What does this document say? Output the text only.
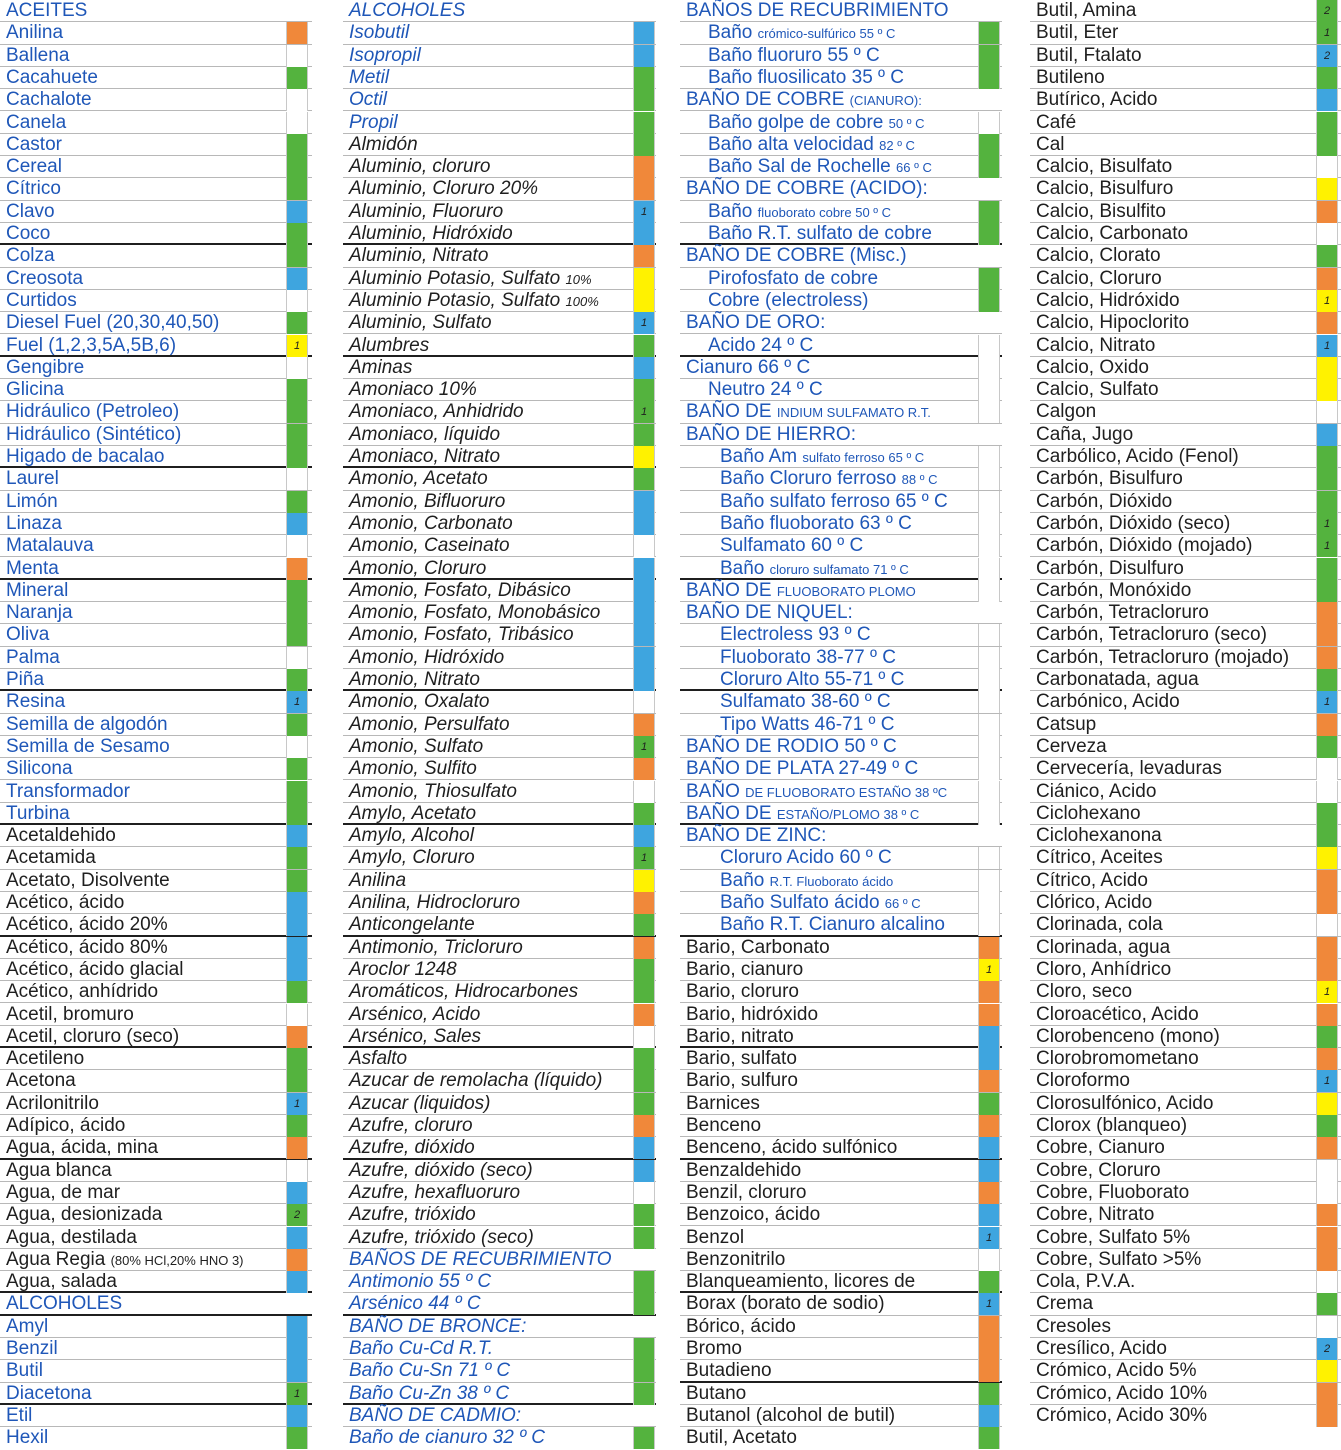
ACEITES
Anilina
Ballena
Cacahuete
Cachalote
Canela
Castor
Cereal
Cítrico
Clavo
Coco
Colza
Creosota
Curtidos
Diesel Fuel (20,30,40,50)
Fuel (1,2,3,5A,5B,6)	1
Gengibre
Glicina
Hidráulico (Petroleo)
Hidráulico (Sintético)
Higado de bacalao
Laurel
Limón
Linaza
Matalauva
Menta
Mineral
Naranja
Oliva
Palma
Piña
Resina	1
Semilla de algodón
Semilla de Sesamo
Silicona
Transformador
Turbina
Acetaldehido
Acetamida
Acetato, Disolvente
Acético, ácido
Acético, ácido 20%
Acético, ácido 80%
Acético, ácido glacial
Acético, anhídrido
Acetil, bromuro
Acetil, cloruro (seco)
Acetileno
Acetona
Acrilonitrilo	1
Adípico, ácido
Agua, ácida, mina
Agua blanca
Agua, de mar
Agua, desionizada	2
Agua, destilada
Agua Regia (80% HCl,20% HNO 3)
Agua, salada
ALCOHOLES
Amyl
Benzil
Butil
Diacetona	1
Etil
Hexil
ALCOHOLES
Isobutil
Isopropil
Metil
Octil
Propil
Almidón
Aluminio, cloruro
Aluminio, Cloruro 20%
Aluminio, Fluoruro	1
Aluminio, Hidróxido
Aluminio, Nitrato
Aluminio Potasio, Sulfato 10%
Aluminio Potasio, Sulfato 100%
Aluminio, Sulfato	1
Alumbres
Aminas
Amoniaco 10%
Amoniaco, Anhidrido	1
Amoniaco, líquido
Amoniaco, Nitrato
Amonio, Acetato
Amonio, Bifluoruro
Amonio, Carbonato
Amonio, Caseinato
Amonio, Cloruro
Amonio, Fosfato, Dibásico
Amonio, Fosfato, Monobásico
Amonio, Fosfato, Tribásico
Amonio, Hidróxido
Amonio, Nitrato
Amonio, Oxalato
Amonio, Persulfato
Amonio, Sulfato	1
Amonio, Sulfito
Amonio, Thiosulfato
Amylo, Acetato
Amylo, Alcohol
Amylo, Cloruro	1
Anilina
Anilina, Hidrocloruro
Anticongelante
Antimonio, Tricloruro
Aroclor 1248
Aromáticos, Hidrocarbones
Arsénico, Acido
Arsénico, Sales
Asfalto
Azucar de remolacha (líquido)
Azucar (liquidos)
Azufre, cloruro
Azufre, dióxido
Azufre, dióxido (seco)
Azufre, hexafluoruro
Azufre, trióxido
Azufre, trióxido (seco)
BAÑOS DE RECUBRIMIENTO
Antimonio 55 º C
Arsénico 44 º C
BAÑO DE BRONCE:
Baño Cu-Cd R.T.
Baño Cu-Sn 71 º C
Baño Cu-Zn 38 º C
BAÑO DE CADMIO:
Baño de cianuro 32 º C
BAÑOS DE RECUBRIMIENTO
Baño crómico-sulfúrico 55 º C
Baño fluoruro 55 º C
Baño fluosilicato 35 º C
BAÑO DE COBRE (CIANURO):
Baño golpe de cobre 50 º C
Baño alta velocidad 82 º C
Baño Sal de Rochelle 66 º C
BAÑO DE COBRE (ACIDO):
Baño fluoborato cobre 50 º C
Baño R.T. sulfato de cobre
BAÑO DE COBRE (Misc.)
Pirofosfato de cobre
Cobre (electroless)
BAÑO DE ORO:
Acido 24 º C
Cianuro 66 º C
Neutro 24 º C
BAÑO DE INDIUM SULFAMATO R.T.
BAÑO DE HIERRO:
Baño Am sulfato ferroso 65 º C
Baño Cloruro ferroso 88 º C
Baño sulfato ferroso 65 º C
Baño fluoborato 63 º C
Sulfamato 60 º C
Baño cloruro sulfamato 71 º C
BAÑO DE FLUOBORATO PLOMO
BAÑO DE NIQUEL:
Electroless 93 º C
Fluoborato 38-77 º C
Cloruro Alto 55-71 º C
Sulfamato 38-60 º C
Tipo Watts 46-71 º C
BAÑO DE RODIO 50 º C
BAÑO DE PLATA 27-49 º C
BAÑO DE FLUOBORATO ESTAÑO 38 ºC
BAÑO DE ESTAÑO/PLOMO 38 º C
BAÑO DE ZINC:
Cloruro Acido 60 º C
Baño R.T. Fluoborato ácido
Baño Sulfato ácido 66 º C
Baño R.T. Cianuro alcalino
Bario, Carbonato
Bario, cianuro	1
Bario, cloruro
Bario, hidróxido
Bario, nitrato
Bario, sulfato
Bario, sulfuro
Barnices
Benceno
Benceno, ácido sulfónico
Benzaldehido
Benzil, cloruro
Benzoico, ácido
Benzol	1
Benzonitrilo
Blanqueamiento, licores de
Borax (borato de sodio)	1
Bórico, ácido
Bromo
Butadieno
Butano
Butanol (alcohol de butil)
Butil, Acetato
Butil, Amina	2
Butil, Eter	1
Butil, Ftalato	2
Butileno
Butírico, Acido
Café
Cal
Calcio, Bisulfato
Calcio, Bisulfuro
Calcio, Bisulfito
Calcio, Carbonato
Calcio, Clorato
Calcio, Cloruro
Calcio, Hidróxido	1
Calcio, Hipoclorito
Calcio, Nitrato	1
Calcio, Oxido
Calcio, Sulfato
Calgon
Caña, Jugo
Carbólico, Acido (Fenol)
Carbón, Bisulfuro
Carbón, Dióxido
Carbón, Dióxido (seco)	1
Carbón, Dióxido (mojado)	1
Carbón, Disulfuro
Carbón, Monóxido
Carbón, Tetracloruro
Carbón, Tetracloruro (seco)
Carbón, Tetracloruro (mojado)
Carbonatada, agua
Carbónico, Acido	1
Catsup
Cerveza
Cervecería, levaduras
Ciánico, Acido
Ciclohexano
Ciclohexanona
Cítrico, Aceites
Cítrico, Acido
Clórico, Acido
Clorinada, cola
Clorinada, agua
Cloro, Anhídrico
Cloro, seco	1
Cloroacético, Acido
Clorobenceno (mono)
Clorobromometano
Cloroformo	1
Clorosulfónico, Acido
Clorox (blanqueo)
Cobre, Cianuro
Cobre, Cloruro
Cobre, Fluoborato
Cobre, Nitrato
Cobre, Sulfato 5%
Cobre, Sulfato >5%
Cola, P.V.A.
Crema
Cresoles
Cresílico, Acido	2
Crómico, Acido 5%
Crómico, Acido 10%
Crómico, Acido 30%
